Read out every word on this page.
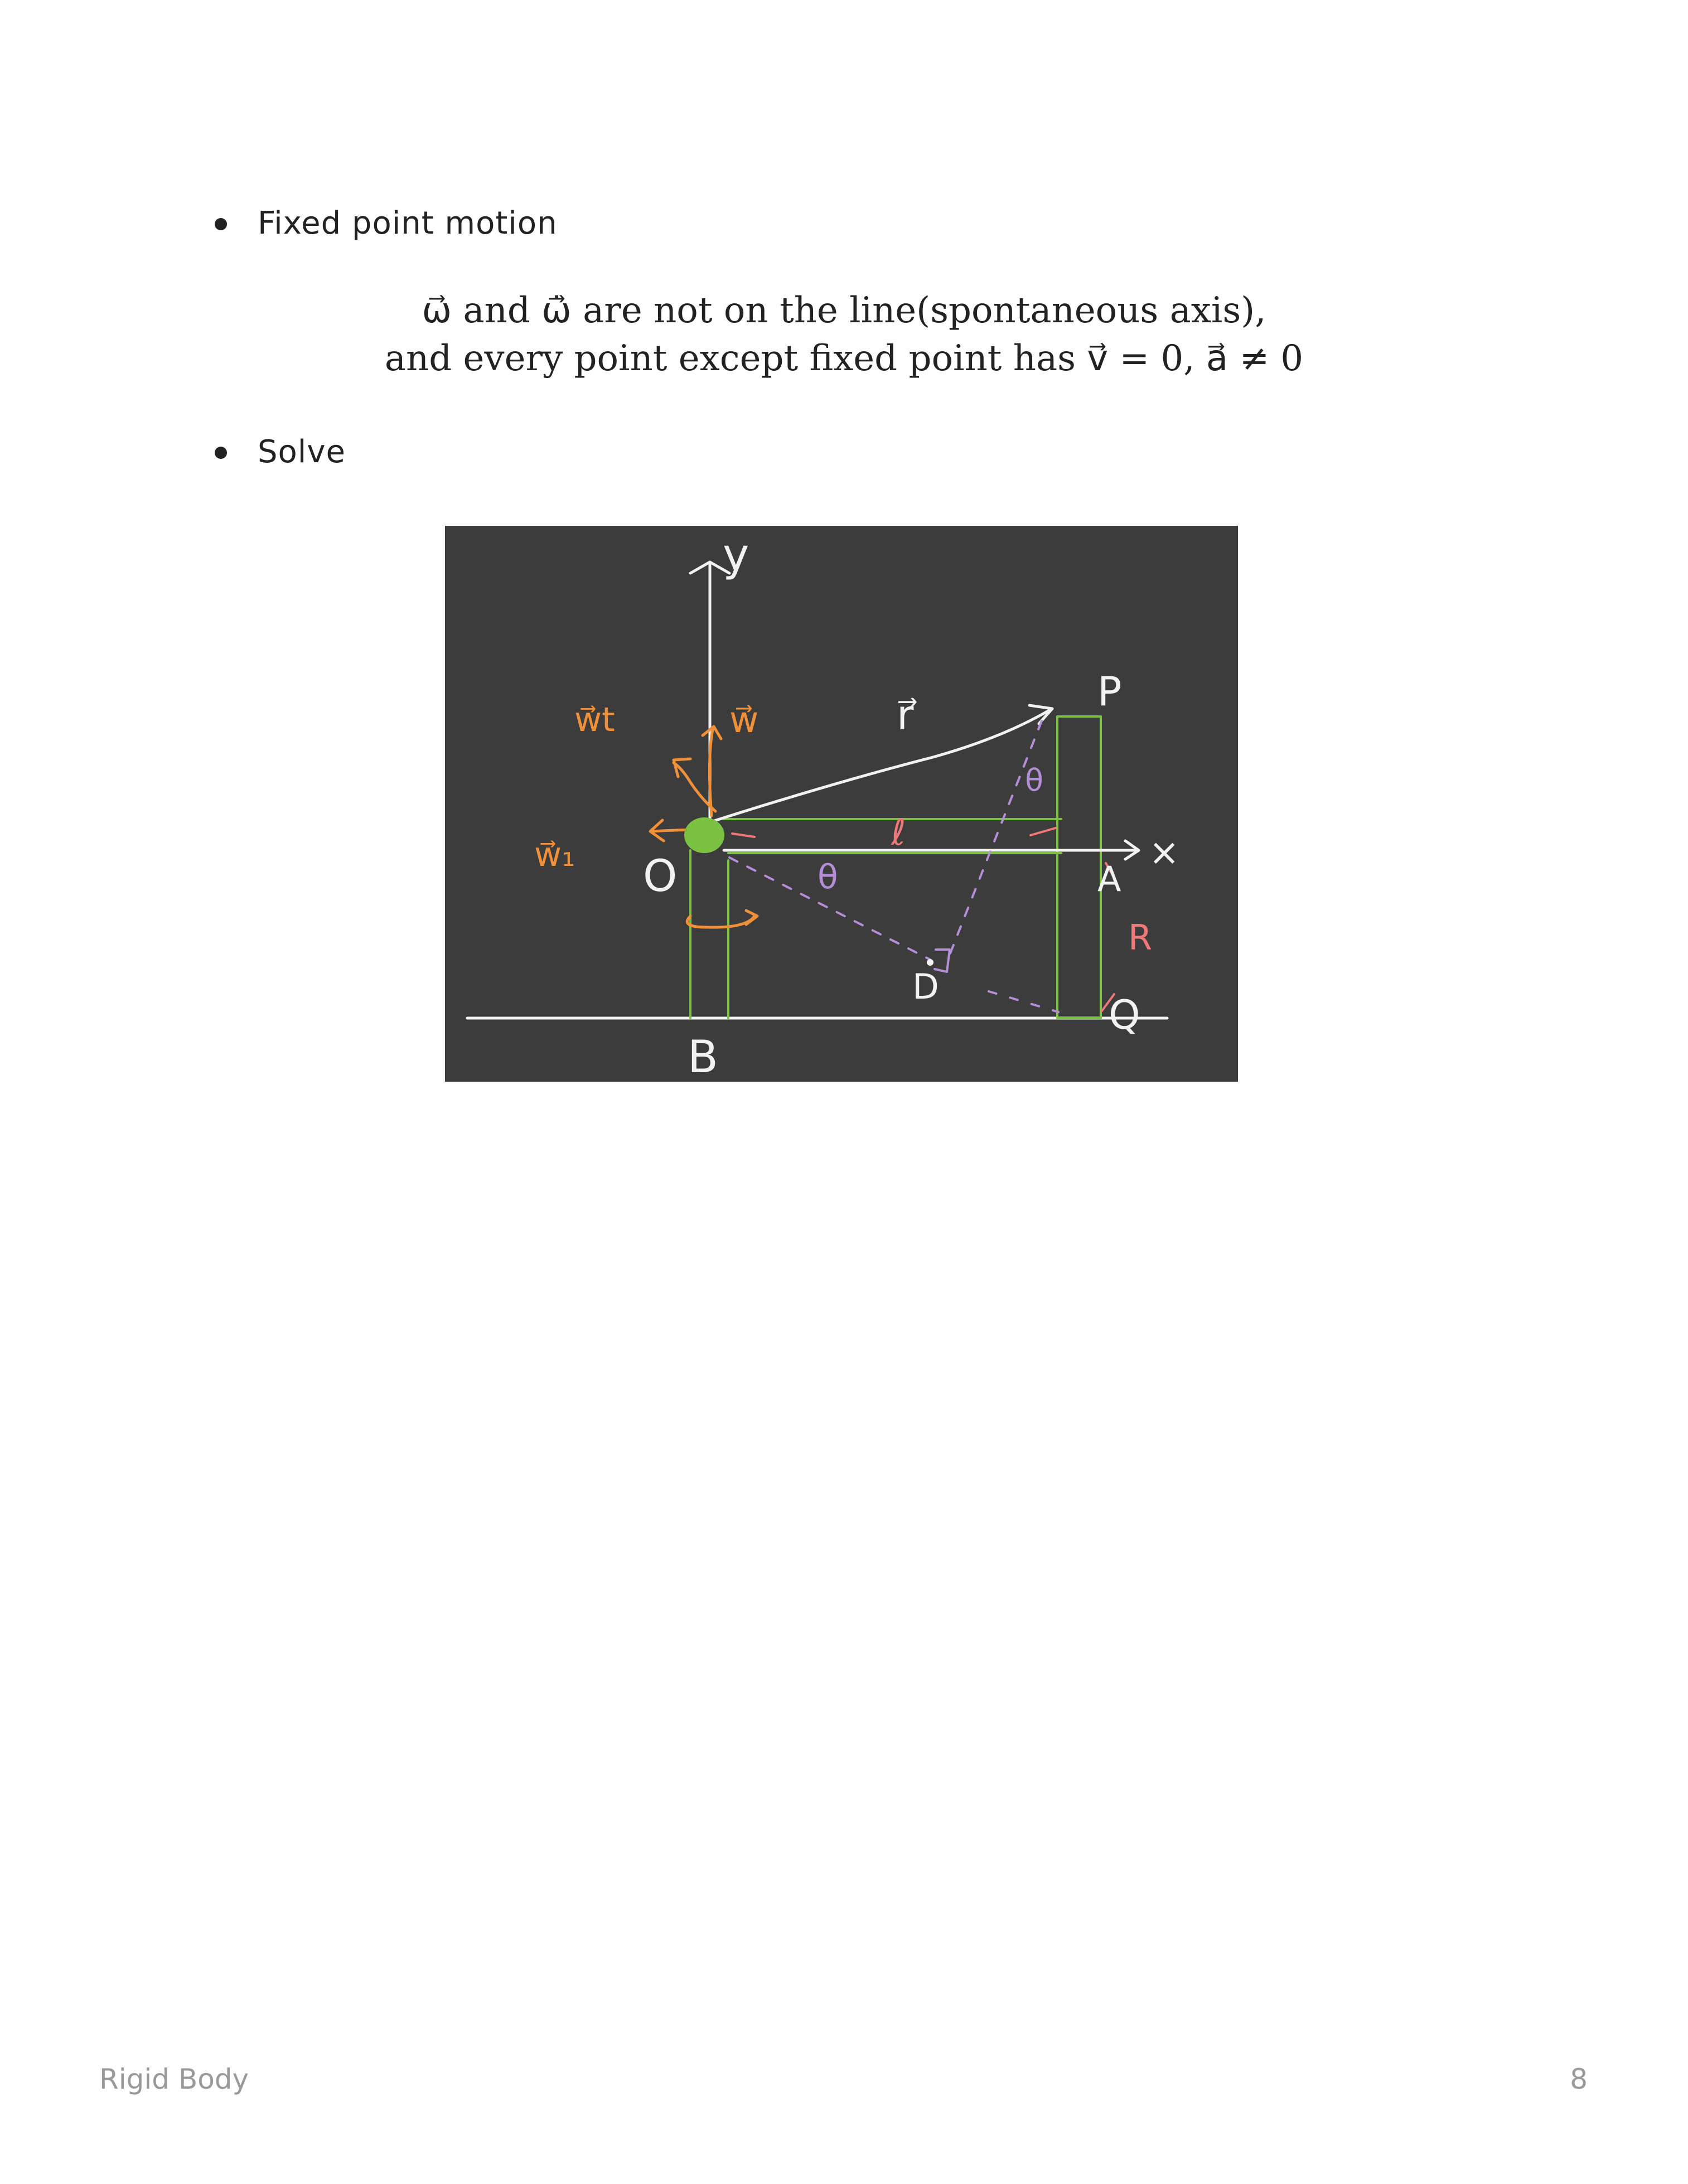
Fixed point motion
ω⃗ and ω̇⃗ are not on the line(spontaneous axis),
and every point except fixed point has v⃗ = 0, a⃗ ≠ 0
Solve
y
×
P
O	A
R
Q
B
D
ℓ
θ
θ
r⃗
w⃗
w⃗t
w⃗₁
Rigid Body	8
